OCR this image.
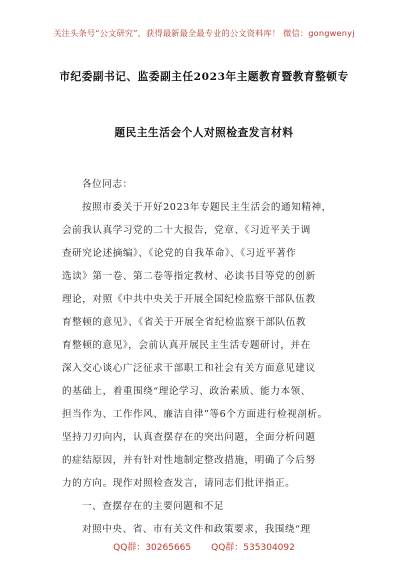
关注头条号“公文研究”，获得最新最全最专业的公文资料库！ 微信：gongwenyj
市纪委副书记、监委副主任2023年主题教育暨教育整顿专
题民主生活会个人对照检查发言材料
各位同志：
按照市委关于开好2023年专题民主生活会的通知精神，
会前我认真学习党的二十大报告，党章、《习近平关于调
查研究论述摘编》、《论党的自我革命》、《习近平著作
选读》第一卷、第二卷等指定教材、必读书目等党的创新
理论，对照《中共中央关于开展全国纪检监察干部队伍教
育整顿的意见》、《省关于开展全省纪检监察干部队伍教
育整顿的意见》，会前认真开展民主生活专题研讨，并在
深入交心谈心广泛征求干部职工和社会有关方面意见建议
的基础上，着重围绕“理论学习、政治素质、能力本领、
担当作为、工作作风、廉洁自律”等6个方面进行检视剖析。
坚持刀刃向内，认真查摆存在的突出问题，全面分析问题
的症结原因，并有针对性地制定整改措施，明确了今后努
力的方向。现作对照检查发言，请同志们批评指正。
一、查摆存在的主要问题和不足
对照中央、省、市有关文件和政策要求，我围绕“理
QQ群：30265665 QQ群：535304092
